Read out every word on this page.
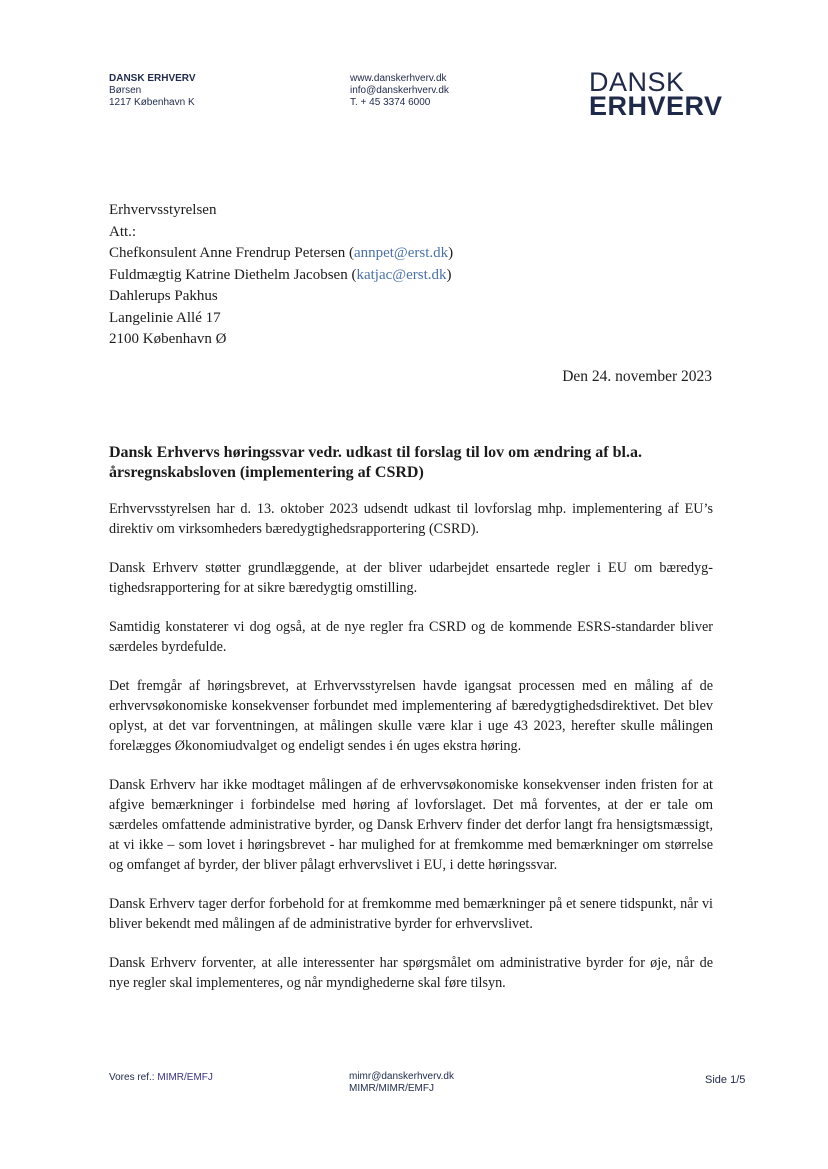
DANSK ERHVERV
Børsen
1217 København K
www.danskerhverv.dk
info@danskerhverv.dk
T. + 45 3374 6000
DANSK
ERHVERV
Erhvervsstyrelsen
Att.:
Chefkonsulent Anne Frendrup Petersen (annpet@erst.dk)
Fuldmægtig Katrine Diethelm Jacobsen (katjac@erst.dk)
Dahlerups Pakhus
Langelinie Allé 17
2100 København Ø
Den 24. november 2023
Dansk Erhvervs høringssvar vedr. udkast til forslag til lov om ændring af bl.a. årsregnskabsloven (implementering af CSRD)

Erhvervsstyrelsen har d. 13. oktober 2023 udsendt udkast til lovforslag mhp. implementering af EU’s direktiv om virksomheders bæredygtighedsrapportering (CSRD).

Dansk Erhverv støtter grundlæggende, at der bliver udarbejdet ensartede regler i EU om bæredygtighedsrapportering for at sikre bæredygtig omstilling.

Samtidig konstaterer vi dog også, at de nye regler fra CSRD og de kommende ESRS-standarder bliver særdeles byrdefulde.

Det fremgår af høringsbrevet, at Erhvervsstyrelsen havde igangsat processen med en måling af de erhvervsøkonomiske konsekvenser forbundet med implementering af bæredygtighedsdirektivet. Det blev oplyst, at det var forventningen, at målingen skulle være klar i uge 43 2023, herefter skulle målingen forelægges Økonomiudvalget og endeligt sendes i én uges ekstra høring.

Dansk Erhverv har ikke modtaget målingen af de erhvervsøkonomiske konsekvenser inden fristen for at afgive bemærkninger i forbindelse med høring af lovforslaget. Det må forventes, at der er tale om særdeles omfattende administrative byrder, og Dansk Erhverv finder det derfor langt fra hensigtsmæssigt, at vi ikke – som lovet i høringsbrevet - har mulighed for at fremkomme med bemærkninger om størrelse og omfanget af byrder, der bliver pålagt erhvervslivet i EU, i dette høringssvar.

Dansk Erhverv tager derfor forbehold for at fremkomme med bemærkninger på et senere tidspunkt, når vi bliver bekendt med målingen af de administrative byrder for erhvervslivet.

Dansk Erhverv forventer, at alle interessenter har spørgsmålet om administrative byrder for øje, når de nye regler skal implementeres, og når myndighederne skal føre tilsyn.

Vores ref.: MIMR/EMFJ	mimr@danskerhverv.dk
MIMR/MIMR/EMFJ
Side 1/5
